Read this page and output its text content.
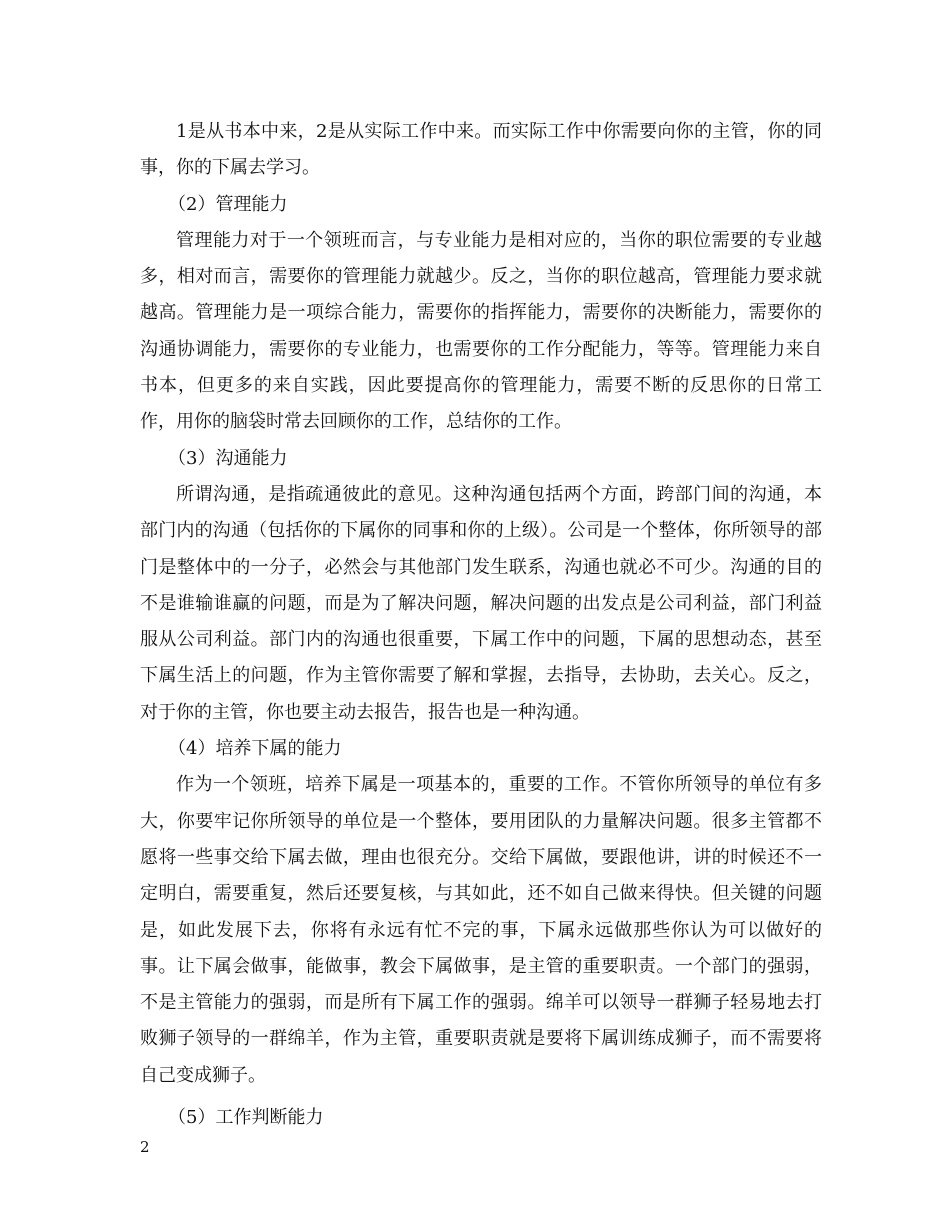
1是从书本中来，2是从实际工作中来。而实际工作中你需要向你的主管，你的同事，你的下属去学习。

（2）管理能力

管理能力对于一个领班而言，与专业能力是相对应的，当你的职位需要的专业越多，相对而言，需要你的管理能力就越少。反之，当你的职位越高，管理能力要求就越高。管理能力是一项综合能力，需要你的指挥能力，需要你的决断能力，需要你的沟通协调能力，需要你的专业能力，也需要你的工作分配能力，等等。管理能力来自书本，但更多的来自实践，因此要提高你的管理能力，需要不断的反思你的日常工作，用你的脑袋时常去回顾你的工作，总结你的工作。

（3）沟通能力

所谓沟通，是指疏通彼此的意见。这种沟通包括两个方面，跨部门间的沟通，本部门内的沟通（包括你的下属你的同事和你的上级）。公司是一个整体，你所领导的部门是整体中的一分子，必然会与其他部门发生联系，沟通也就必不可少。沟通的目的不是谁输谁赢的问题，而是为了解决问题，解决问题的出发点是公司利益，部门利益服从公司利益。部门内的沟通也很重要，下属工作中的问题，下属的思想动态，甚至下属生活上的问题，作为主管你需要了解和掌握，去指导，去协助，去关心。反之，对于你的主管，你也要主动去报告，报告也是一种沟通。

（4）培养下属的能力

作为一个领班，培养下属是一项基本的，重要的工作。不管你所领导的单位有多大，你要牢记你所领导的单位是一个整体，要用团队的力量解决问题。很多主管都不愿将一些事交给下属去做，理由也很充分。交给下属做，要跟他讲，讲的时候还不一定明白，需要重复，然后还要复核，与其如此，还不如自己做来得快。但关键的问题是，如此发展下去，你将有永远有忙不完的事，下属永远做那些你认为可以做好的事。让下属会做事，能做事，教会下属做事，是主管的重要职责。一个部门的强弱，不是主管能力的强弱，而是所有下属工作的强弱。绵羊可以领导一群狮子轻易地去打败狮子领导的一群绵羊，作为主管，重要职责就是要将下属训练成狮子，而不需要将自己变成狮子。

（5）工作判断能力

2
